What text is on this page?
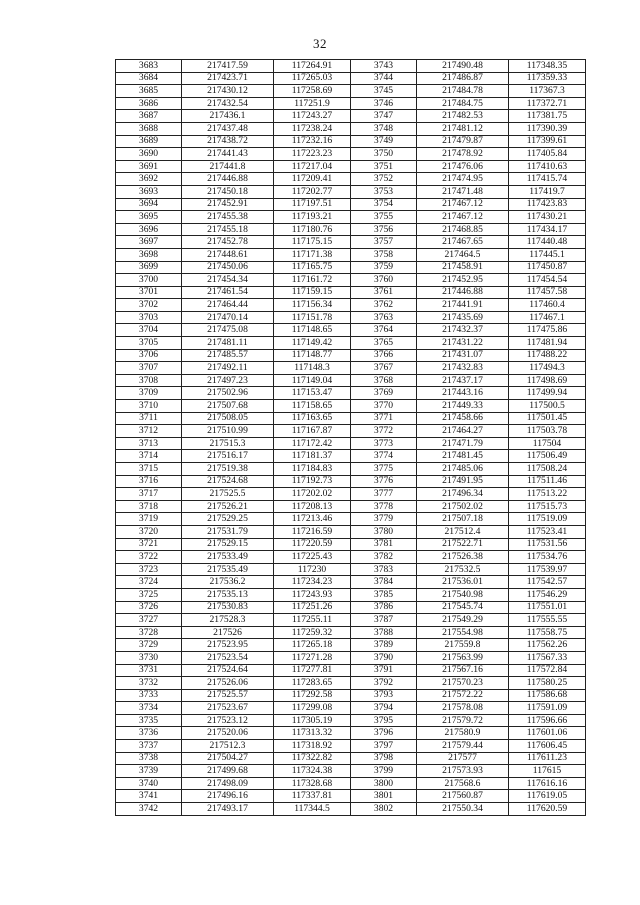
32
3683	217417.59	117264.91	3743	217490.48	117348.35
3684	217423.71	117265.03	3744	217486.87	117359.33
3685	217430.12	117258.69	3745	217484.78	117367.3
3686	217432.54	117251.9	3746	217484.75	117372.71
3687	217436.1	117243.27	3747	217482.53	117381.75
3688	217437.48	117238.24	3748	217481.12	117390.39
3689	217438.72	117232.16	3749	217479.87	117399.61
3690	217441.43	117223.23	3750	217478.92	117405.84
3691	217441.8	117217.04	3751	217476.06	117410.63
3692	217446.88	117209.41	3752	217474.95	117415.74
3693	217450.18	117202.77	3753	217471.48	117419.7
3694	217452.91	117197.51	3754	217467.12	117423.83
3695	217455.38	117193.21	3755	217467.12	117430.21
3696	217455.18	117180.76	3756	217468.85	117434.17
3697	217452.78	117175.15	3757	217467.65	117440.48
3698	217448.61	117171.38	3758	217464.5	117445.1
3699	217450.06	117165.75	3759	217458.91	117450.87
3700	217454.34	117161.72	3760	217452.95	117454.54
3701	217461.54	117159.15	3761	217446.88	117457.58
3702	217464.44	117156.34	3762	217441.91	117460.4
3703	217470.14	117151.78	3763	217435.69	117467.1
3704	217475.08	117148.65	3764	217432.37	117475.86
3705	217481.11	117149.42	3765	217431.22	117481.94
3706	217485.57	117148.77	3766	217431.07	117488.22
3707	217492.11	117148.3	3767	217432.83	117494.3
3708	217497.23	117149.04	3768	217437.17	117498.69
3709	217502.96	117153.47	3769	217443.16	117499.94
3710	217507.68	117158.65	3770	217449.33	117500.5
3711	217508.05	117163.65	3771	217458.66	117501.45
3712	217510.99	117167.87	3772	217464.27	117503.78
3713	217515.3	117172.42	3773	217471.79	117504
3714	217516.17	117181.37	3774	217481.45	117506.49
3715	217519.38	117184.83	3775	217485.06	117508.24
3716	217524.68	117192.73	3776	217491.95	117511.46
3717	217525.5	117202.02	3777	217496.34	117513.22
3718	217526.21	117208.13	3778	217502.02	117515.73
3719	217529.25	117213.46	3779	217507.18	117519.09
3720	217531.79	117216.59	3780	217512.4	117523.41
3721	217529.15	117220.59	3781	217522.71	117531.56
3722	217533.49	117225.43	3782	217526.38	117534.76
3723	217535.49	117230	3783	217532.5	117539.97
3724	217536.2	117234.23	3784	217536.01	117542.57
3725	217535.13	117243.93	3785	217540.98	117546.29
3726	217530.83	117251.26	3786	217545.74	117551.01
3727	217528.3	117255.11	3787	217549.29	117555.55
3728	217526	117259.32	3788	217554.98	117558.75
3729	217523.95	117265.18	3789	217559.8	117562.26
3730	217523.54	117271.28	3790	217563.99	117567.33
3731	217524.64	117277.81	3791	217567.16	117572.84
3732	217526.06	117283.65	3792	217570.23	117580.25
3733	217525.57	117292.58	3793	217572.22	117586.68
3734	217523.67	117299.08	3794	217578.08	117591.09
3735	217523.12	117305.19	3795	217579.72	117596.66
3736	217520.06	117313.32	3796	217580.9	117601.06
3737	217512.3	117318.92	3797	217579.44	117606.45
3738	217504.27	117322.82	3798	217577	117611.23
3739	217499.68	117324.38	3799	217573.93	117615
3740	217498.09	117328.68	3800	217568.6	117616.16
3741	217496.16	117337.81	3801	217560.87	117619.05
3742	217493.17	117344.5	3802	217550.34	117620.59
